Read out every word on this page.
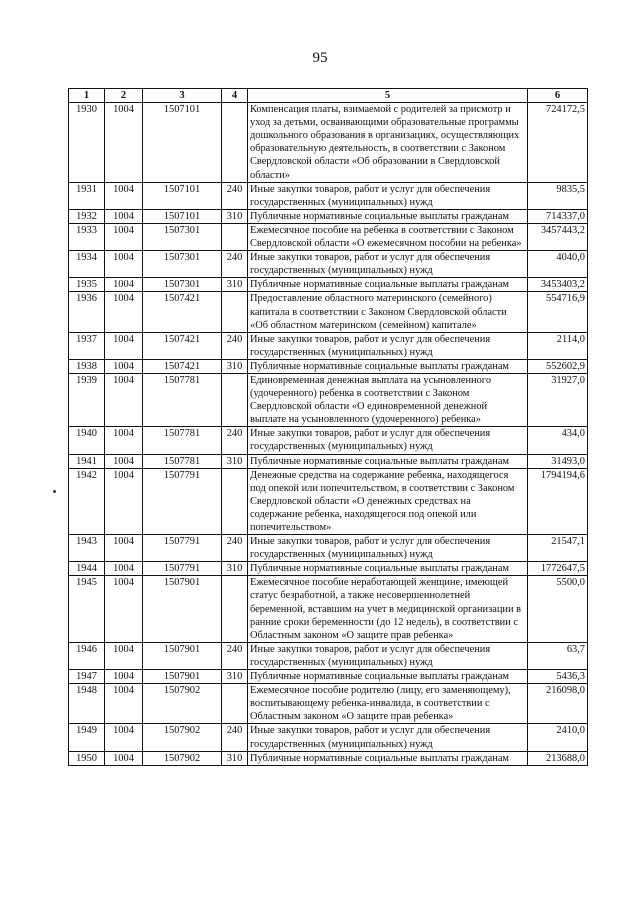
95
1	2	3	4	5	6
1930	1004	1507101		Компенсация платы, взимаемой с родителей за присмотр и уход за детьми, осваивающими образовательные программы дошкольного образования в организациях, осуществляющих образовательную деятельность, в соответствии с Законом Свердловской области «Об образовании в Свердловской области»	724172,5
1931	1004	1507101	240	Иные закупки товаров, работ и услуг для обеспечения государственных (муниципальных) нужд	9835,5
1932	1004	1507101	310	Публичные нормативные социальные выплаты гражданам	714337,0
1933	1004	1507301		Ежемесячное пособие на ребенка в соответствии с Законом Свердловской области «О ежемесячном пособии на ребенка»	3457443,2
1934	1004	1507301	240	Иные закупки товаров, работ и услуг для обеспечения государственных (муниципальных) нужд	4040,0
1935	1004	1507301	310	Публичные нормативные социальные выплаты гражданам	3453403,2
1936	1004	1507421		Предоставление областного материнского (семейного) капитала в соответствии с Законом Свердловской области «Об областном материнском (семейном) капитале»	554716,9
1937	1004	1507421	240	Иные закупки товаров, работ и услуг для обеспечения государственных (муниципальных) нужд	2114,0
1938	1004	1507421	310	Публичные нормативные социальные выплаты гражданам	552602,9
1939	1004	1507781		Единовременная денежная выплата на усыновленного (удочеренного) ребенка в соответствии с Законом Свердловской области «О единовременной денежной выплате на усыновленного (удочеренного) ребенка»	31927,0
1940	1004	1507781	240	Иные закупки товаров, работ и услуг для обеспечения государственных (муниципальных) нужд	434,0
1941	1004	1507781	310	Публичные нормативные социальные выплаты гражданам	31493,0
1942	1004	1507791		Денежные средства на содержание ребенка, находящегося под опекой или попечительством, в соответствии с Законом Свердловской области «О денежных средствах на содержание ребенка, находящегося под опекой или попечительством»	1794194,6
1943	1004	1507791	240	Иные закупки товаров, работ и услуг для обеспечения государственных (муниципальных) нужд	21547,1
1944	1004	1507791	310	Публичные нормативные социальные выплаты гражданам	1772647,5
1945	1004	1507901		Ежемесячное пособие неработающей женщине, имеющей статус безработной, а также несовершеннолетней беременной, вставшим на учет в медицинской организации в ранние сроки беременности (до 12 недель), в соответствии с Областным законом «О защите прав ребенка»	5500,0
1946	1004	1507901	240	Иные закупки товаров, работ и услуг для обеспечения государственных (муниципальных) нужд	63,7
1947	1004	1507901	310	Публичные нормативные социальные выплаты гражданам	5436,3
1948	1004	1507902		Ежемесячное пособие родителю (лицу, его заменяющему), воспитывающему ребенка-инвалида, в соответствии с Областным законом «О защите прав ребенка»	216098,0
1949	1004	1507902	240	Иные закупки товаров, работ и услуг для обеспечения государственных (муниципальных) нужд	2410,0
1950	1004	1507902	310	Публичные нормативные социальные выплаты гражданам	213688,0
